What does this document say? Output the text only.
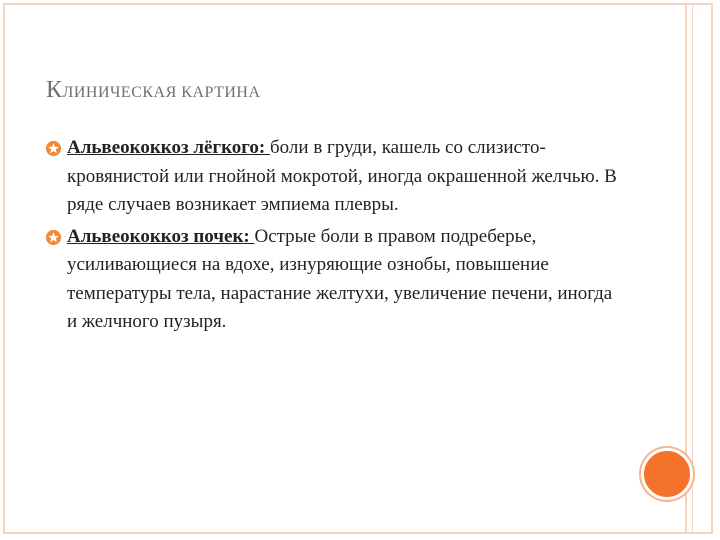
КЛИНИЧЕСКАЯ КАРТИНА
Альвеококкоз лёгкого: боли в груди, кашель со слизисто-кровянистой или гнойной мокротой, иногда окрашенной желчью. В ряде случаев возникает эмпиема плевры.
Альвеококкоз почек: Острые боли в правом подреберье, усиливающиеся на вдохе, изнуряющие ознобы, повышение температуры тела, нарастание желтухи, увеличение печени, иногда и желчного пузыря.
